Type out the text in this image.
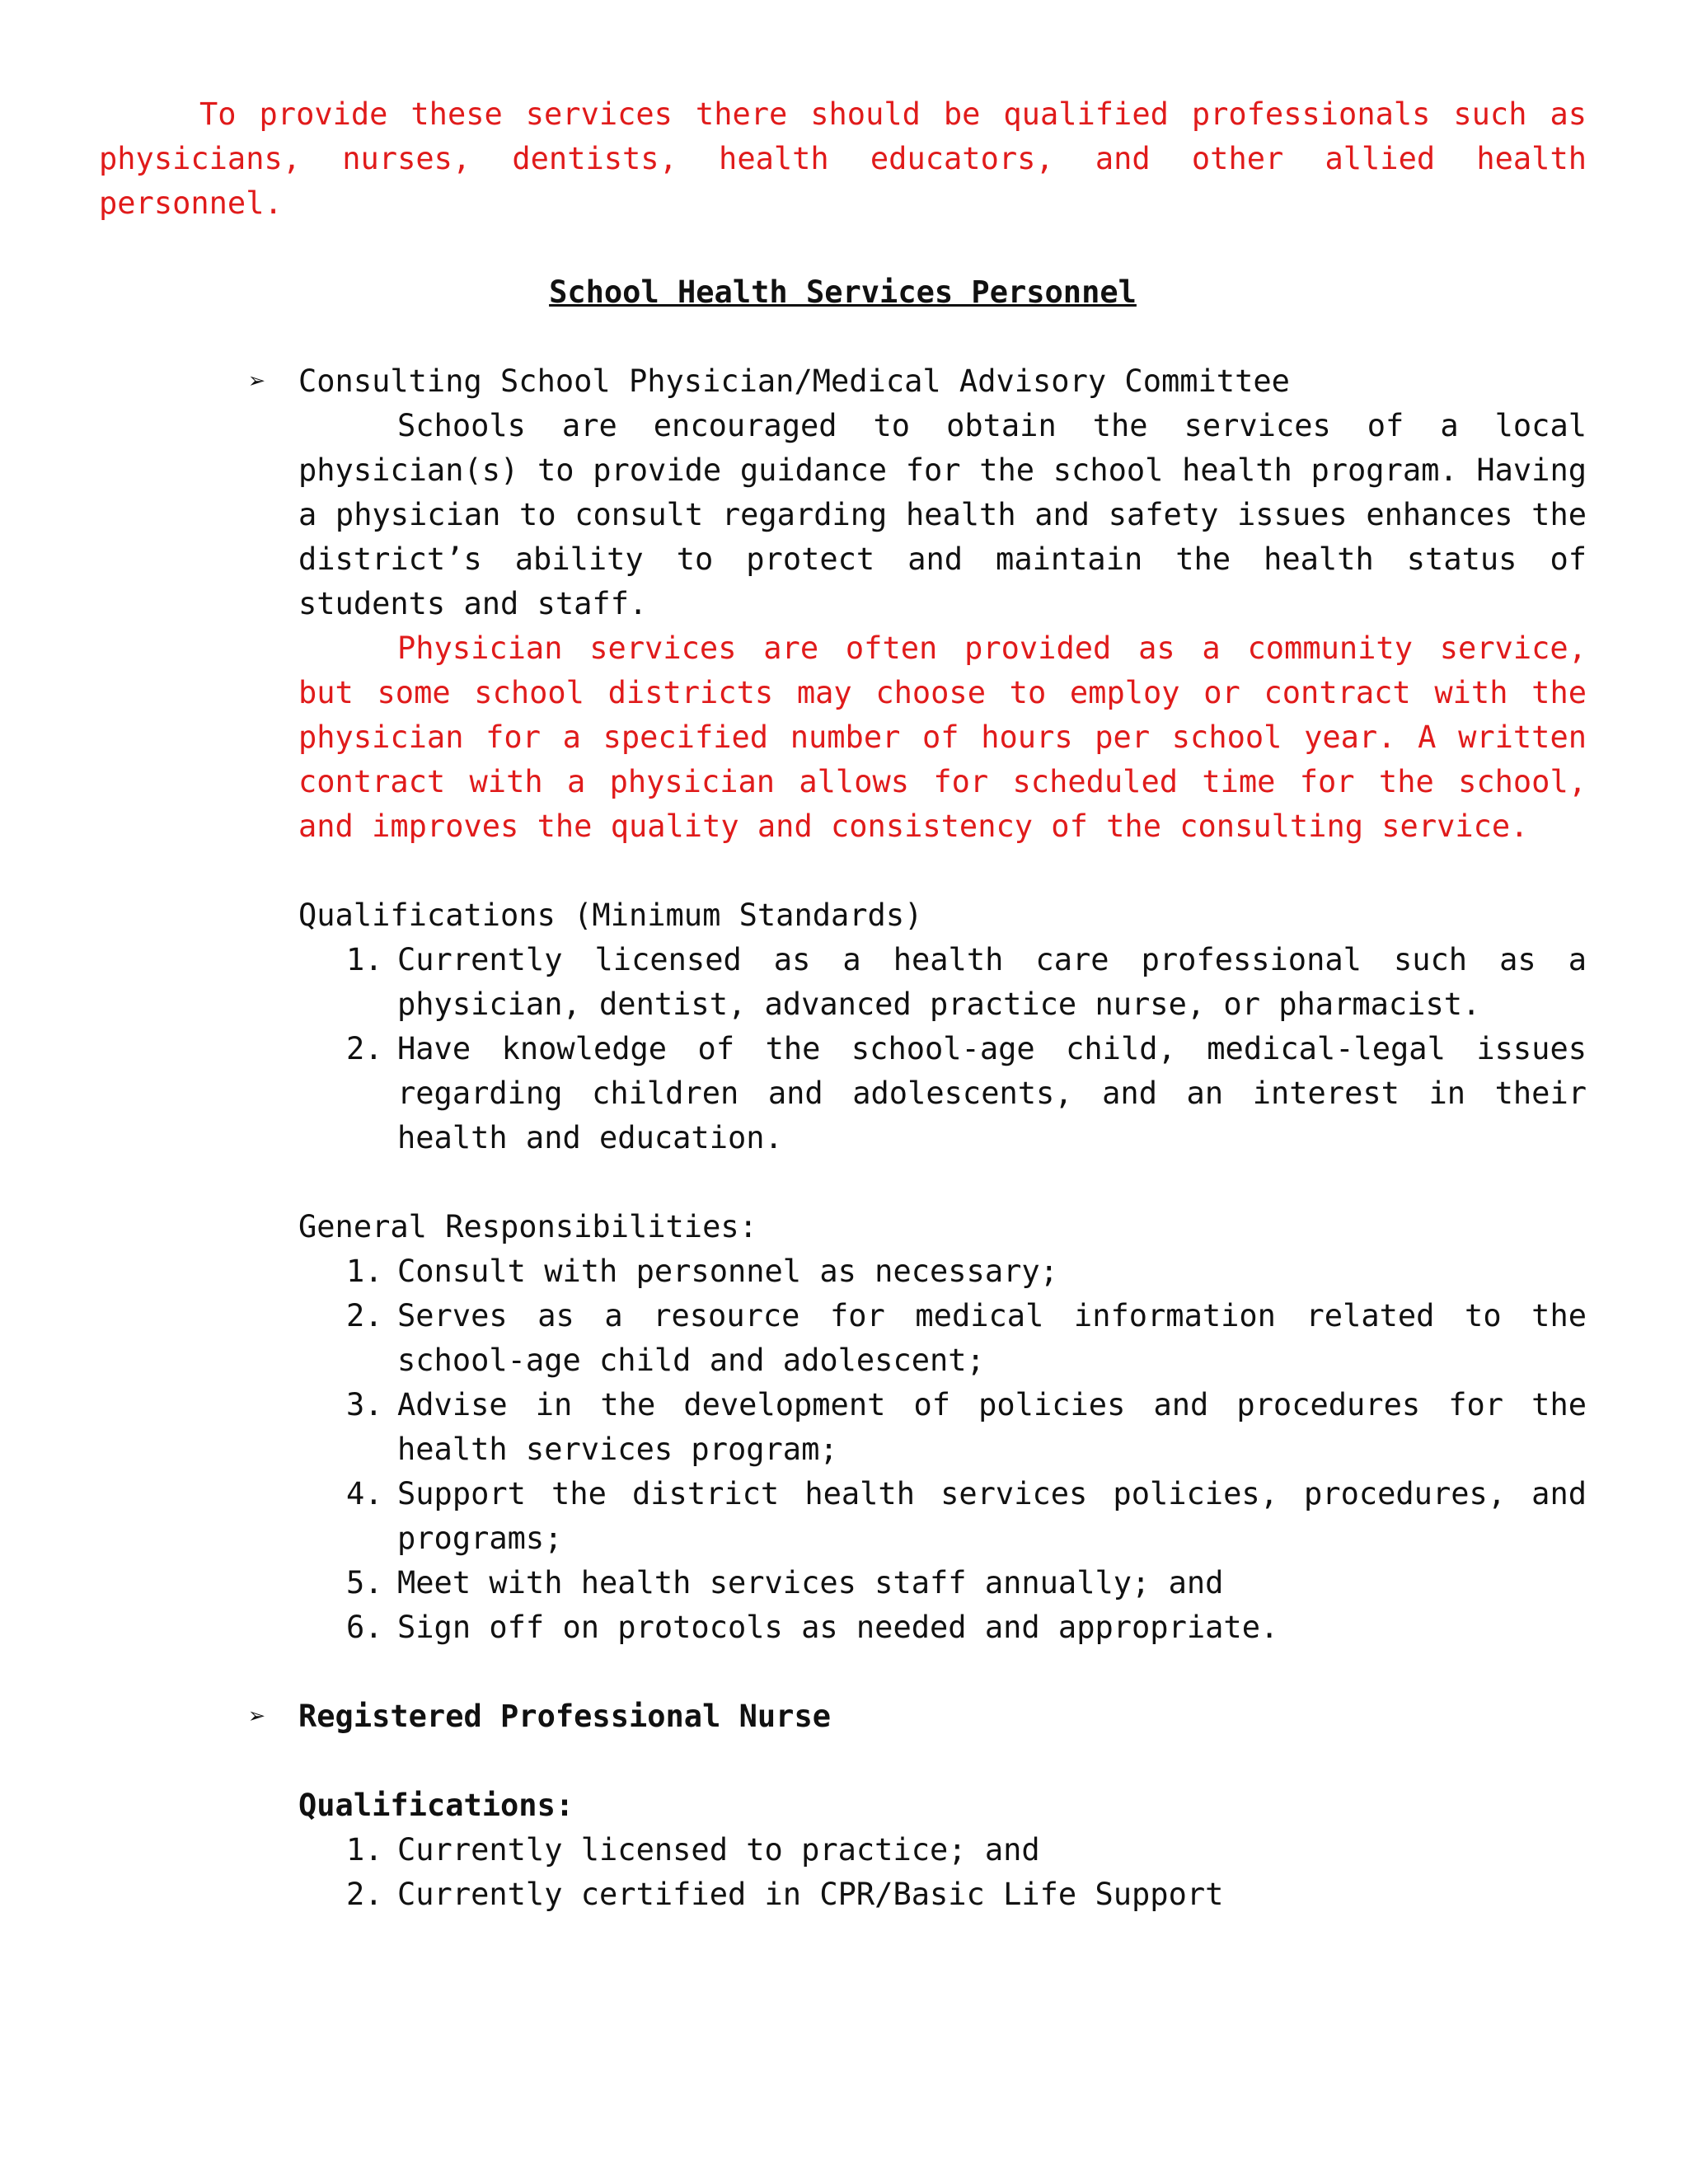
To provide these services there should be qualified professionals such as physicians, nurses, dentists, health educators, and other allied health personnel.

School Health Services Personnel

➢ Consulting School Physician/Medical Advisory Committee

Schools are encouraged to obtain the services of a local physician(s) to provide guidance for the school health program. Having a physician to consult regarding health and safety issues enhances the district’s ability to protect and maintain the health status of students and staff.

Physician services are often provided as a community service, but some school districts may choose to employ or contract with the physician for a specified number of hours per school year. A written contract with a physician allows for scheduled time for the school, and improves the quality and consistency of the consulting service.

Qualifications (Minimum Standards)

1. Currently licensed as a health care professional such as a physician, dentist, advanced practice nurse, or pharmacist.
2. Have knowledge of the school-age child, medical-legal issues regarding children and adolescents, and an interest in their health and education.

General Responsibilities:

1. Consult with personnel as necessary;
2. Serves as a resource for medical information related to the school-age child and adolescent;
3. Advise in the development of policies and procedures for the health services program;
4. Support the district health services policies, procedures, and programs;
5. Meet with health services staff annually; and
6. Sign off on protocols as needed and appropriate.

➢ Registered Professional Nurse

Qualifications:

1. Currently licensed to practice; and
2. Currently certified in CPR/Basic Life Support
